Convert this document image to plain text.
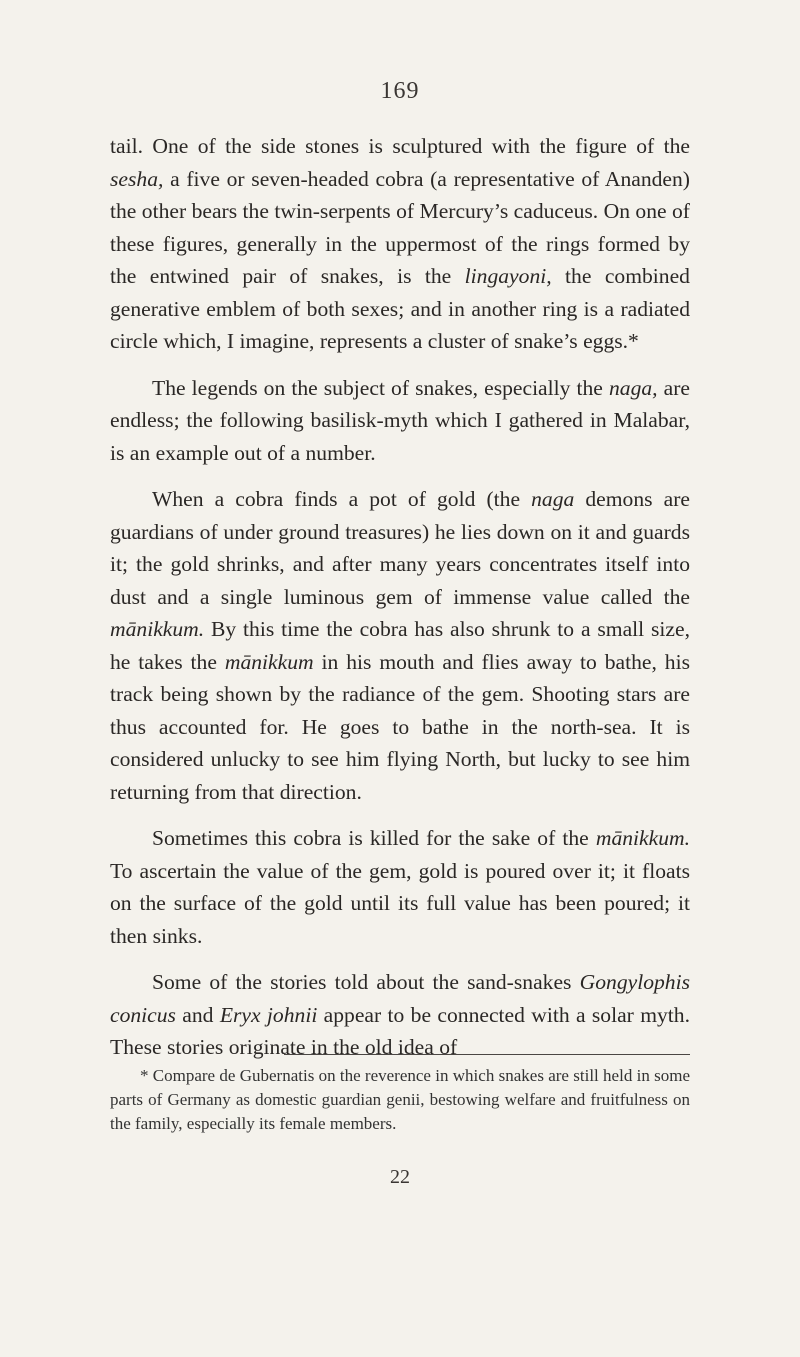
169

tail. One of the side stones is sculptured with the figure of the sesha, a five or seven-headed cobra (a representative of Ananden) the other bears the twin-serpents of Mercury’s caduceus. On one of these figures, generally in the uppermost of the rings formed by the entwined pair of snakes, is the lingayoni, the combined generative emblem of both sexes; and in another ring is a radiated circle which, I imagine, represents a cluster of snake’s eggs.*

The legends on the subject of snakes, especially the naga, are endless; the following basilisk-myth which I gathered in Malabar, is an example out of a number.

When a cobra finds a pot of gold (the naga demons are guardians of under ground treasures) he lies down on it and guards it; the gold shrinks, and after many years concentrates itself into dust and a single luminous gem of immense value called the mānikkum. By this time the cobra has also shrunk to a small size, he takes the mānikkum in his mouth and flies away to bathe, his track being shown by the radiance of the gem. Shooting stars are thus accounted for. He goes to bathe in the north-sea. It is considered unlucky to see him flying North, but lucky to see him returning from that direction.

Sometimes this cobra is killed for the sake of the mānikkum. To ascertain the value of the gem, gold is poured over it; it floats on the surface of the gold until its full value has been poured; it then sinks.

Some of the stories told about the sand-snakes Gongylophis conicus and Eryx johnii appear to be connected with a solar myth. These stories originate in the old idea of

* Compare de Gubernatis on the reverence in which snakes are still held in some parts of Germany as domestic guardian genii, bestowing welfare and fruitfulness on the family, especially its female members.

22
